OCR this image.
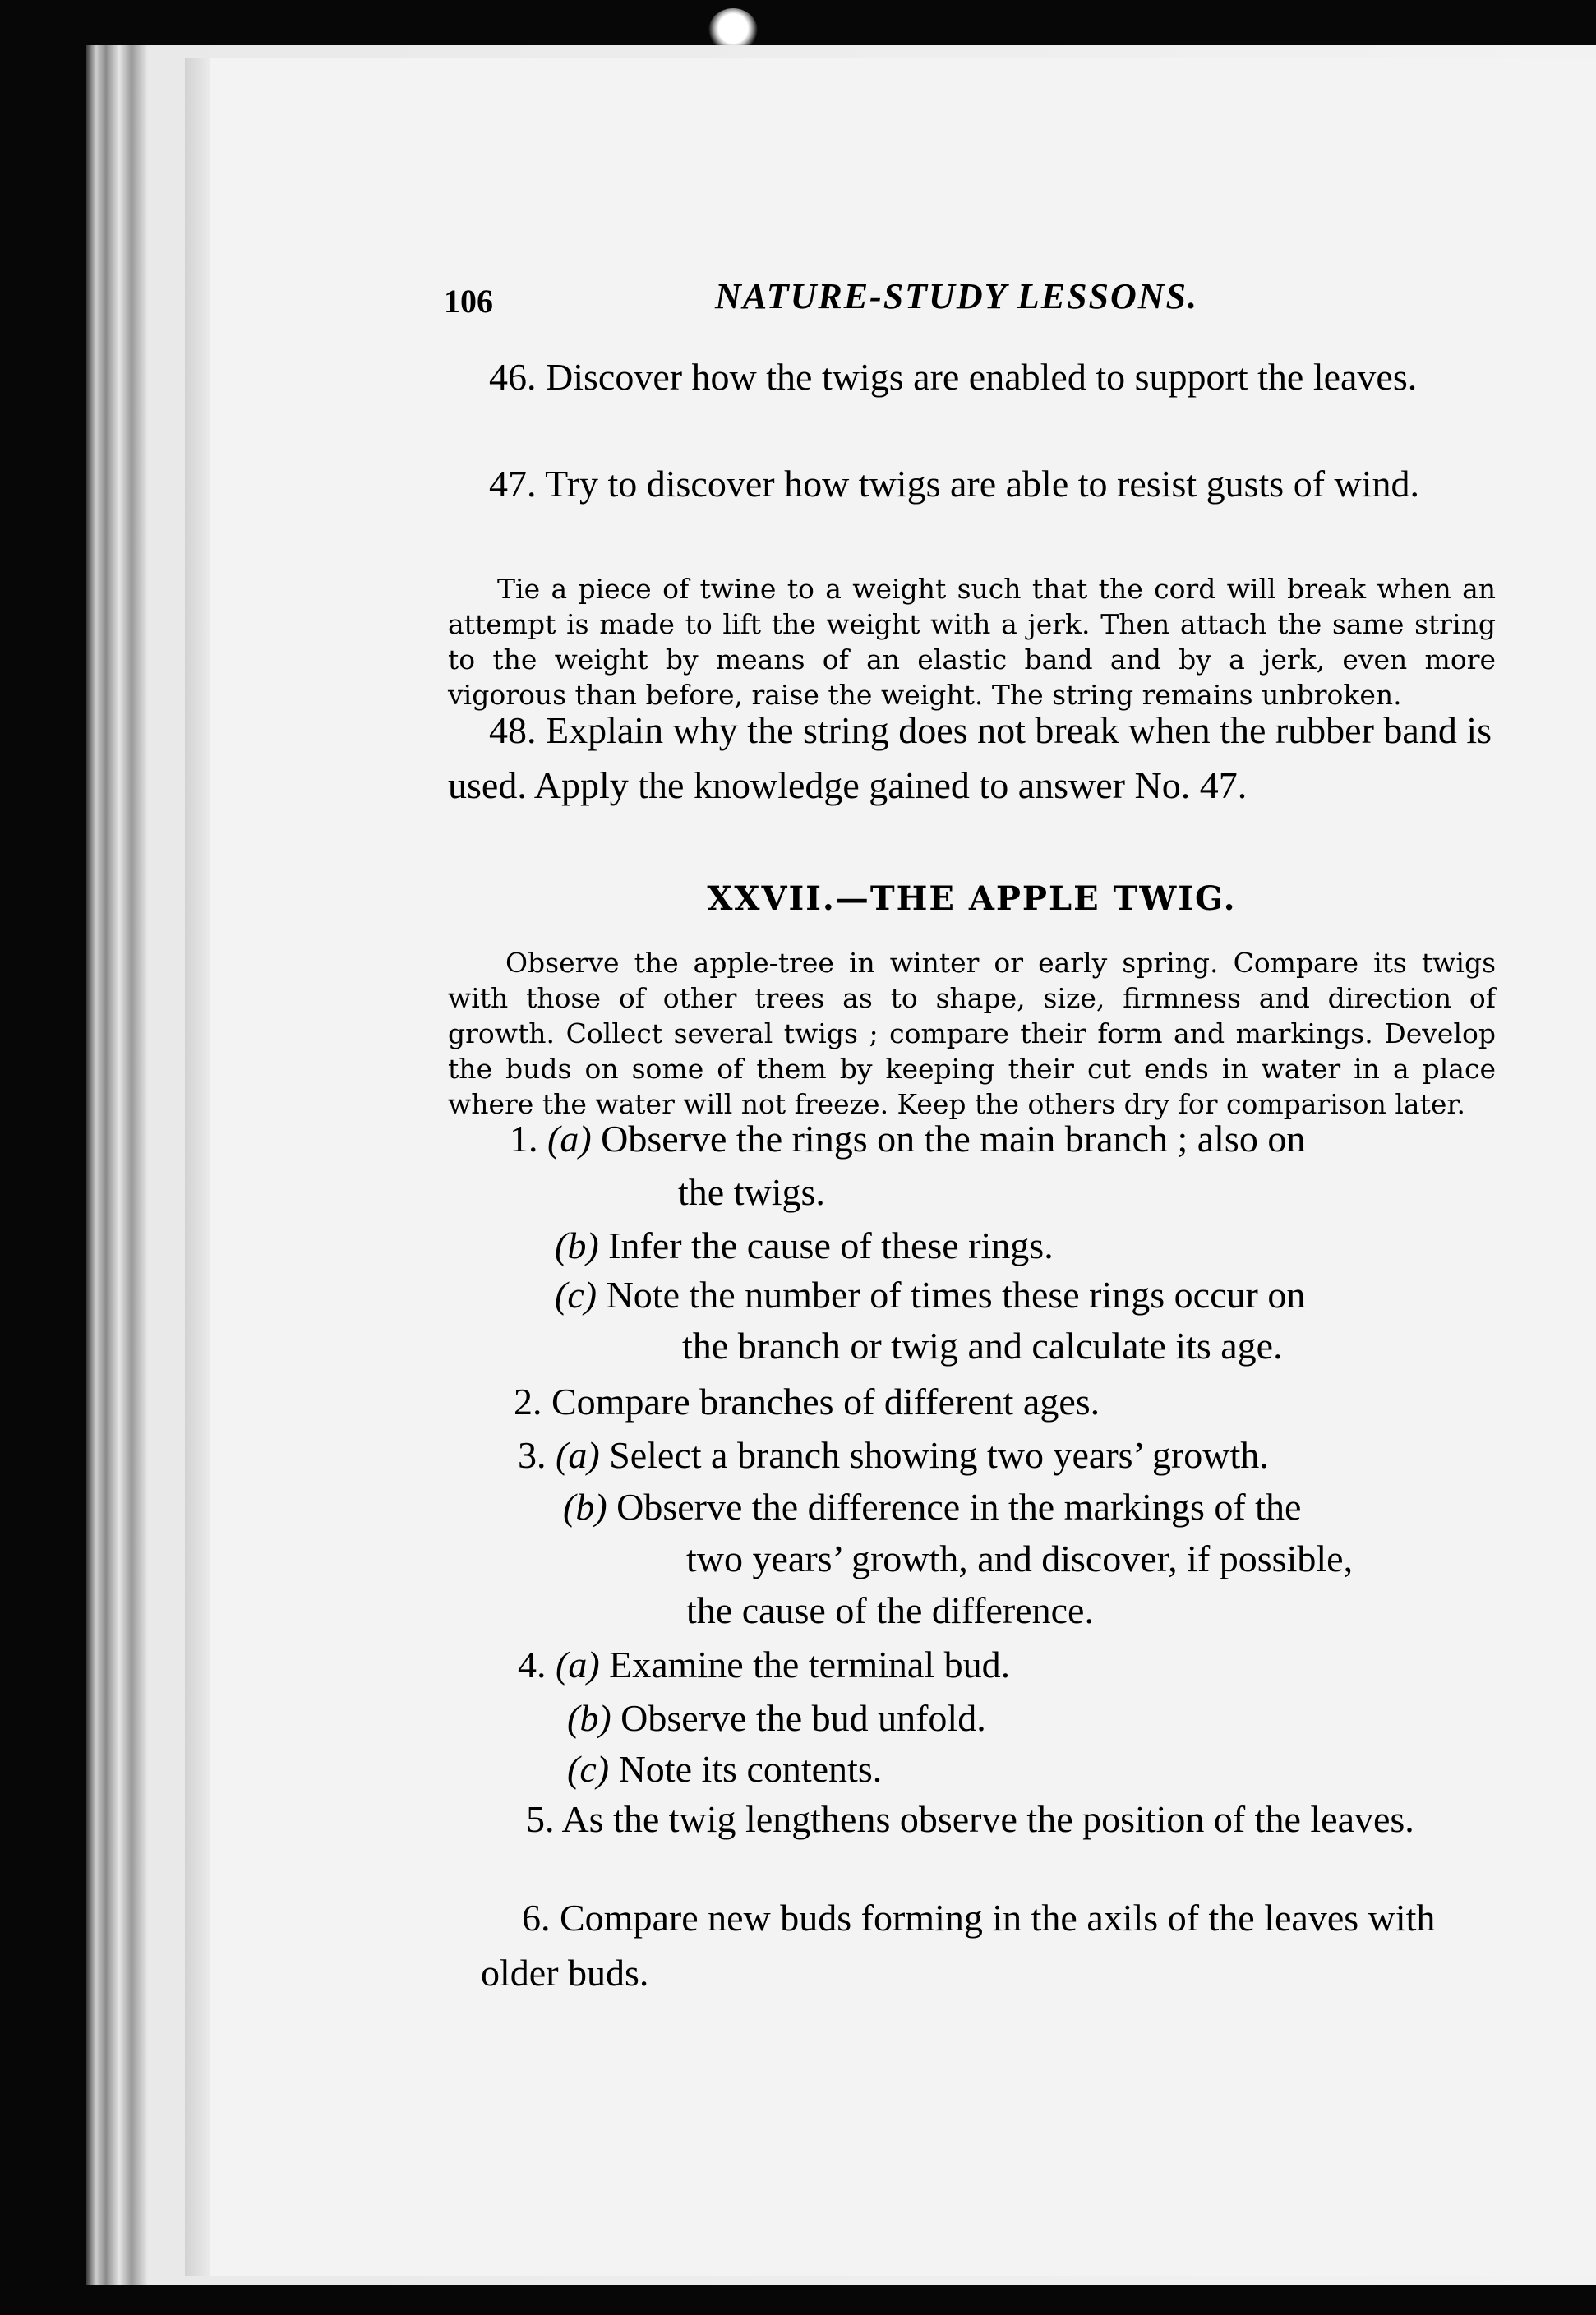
106	NATURE-STUDY LESSONS.

46. Discover how the twigs are enabled to support the leaves.

47. Try to discover how twigs are able to resist gusts of wind.

Tie a piece of twine to a weight such that the cord will break when an attempt is made to lift the weight with a jerk. Then attach the same string to the weight by means of an elastic band and by a jerk, even more vigorous than before, raise the weight. The string remains unbroken.

48. Explain why the string does not break when the rubber band is used. Apply the knowledge gained to answer No. 47.

XXVII.—THE APPLE TWIG.

Observe the apple-tree in winter or early spring. Compare its twigs with those of other trees as to shape, size, firmness and direction of growth. Collect several twigs ; compare their form and markings. Develop the buds on some of them by keeping their cut ends in water in a place where the water will not freeze. Keep the others dry for comparison later.

1. (a) Observe the rings on the main branch ; also on
the twigs.
(b) Infer the cause of these rings.
(c) Note the number of times these rings occur on
the branch or twig and calculate its age.
2. Compare branches of different ages.
3. (a) Select a branch showing two years’ growth.
(b) Observe the difference in the markings of the
two years’ growth, and discover, if possible,
the cause of the difference.
4. (a) Examine the terminal bud.
(b) Observe the bud unfold.
(c) Note its contents.

5. As the twig lengthens observe the position of the leaves.

6. Compare new buds forming in the axils of the leaves with older buds.
